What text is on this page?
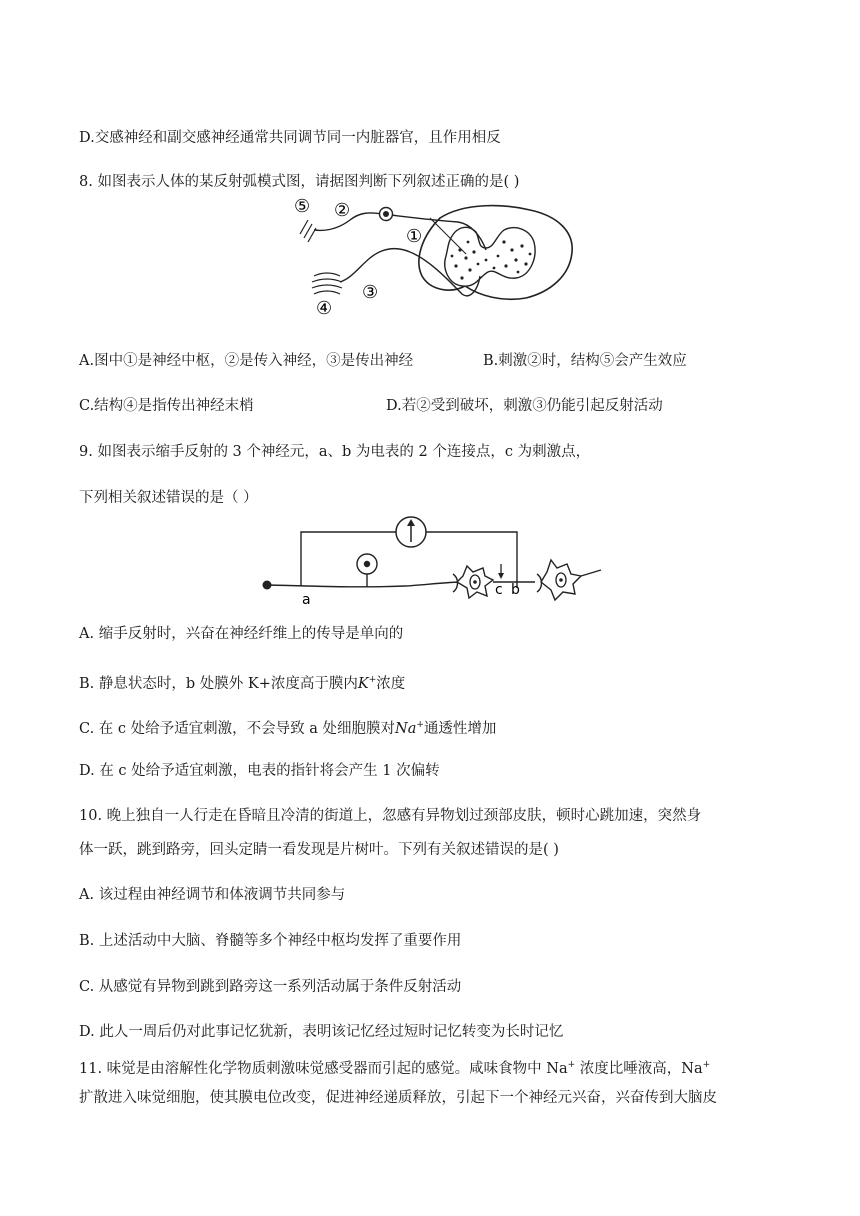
D.交感神经和副交感神经通常共同调节同一内脏器官，且作用相反
8. 如图表示人体的某反射弧模式图，请据图判断下列叙述正确的是( )
⑤ ②
①
③
④
A.图中①是神经中枢，②是传入神经，③是传出神经	B.刺激②时，结构⑤会产生效应
C.结构④是指传出神经末梢	D.若②受到破坏，刺激③仍能引起反射活动
9. 如图表示缩手反射的 3 个神经元，a、b 为电表的 2 个连接点，c 为刺激点，
下列相关叙述错误的是（ ）
a
c b
A. 缩手反射时，兴奋在神经纤维上的传导是单向的
B. 静息状态时，b 处膜外 K+浓度高于膜内K+浓度
C. 在 c 处给予适宜刺激，不会导致 a 处细胞膜对Na+通透性增加
D. 在 c 处给予适宜刺激，电表的指针将会产生 1 次偏转
10. 晚上独自一人行走在昏暗且冷清的街道上，忽感有异物划过颈部皮肤，顿时心跳加速，突然身
体一跃，跳到路旁，回头定睛一看发现是片树叶。下列有关叙述错误的是( )
A. 该过程由神经调节和体液调节共同参与
B. 上述活动中大脑、脊髓等多个神经中枢均发挥了重要作用
C. 从感觉有异物到跳到路旁这一系列活动属于条件反射活动
D. 此人一周后仍对此事记忆犹新，表明该记忆经过短时记忆转变为长时记忆
11. 味觉是由溶解性化学物质刺激味觉感受器而引起的感觉。咸味食物中 Na+ 浓度比唾液高，Na+
扩散进入味觉细胞，使其膜电位改变，促进神经递质释放，引起下一个神经元兴奋，兴奋传到大脑皮
